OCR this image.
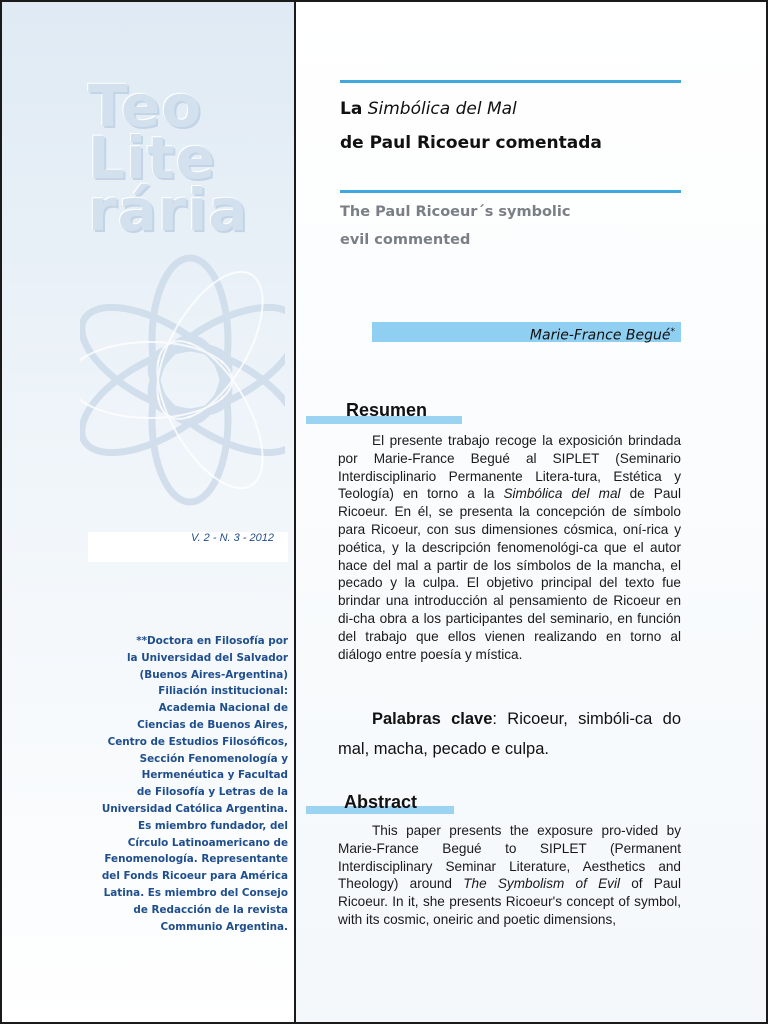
Teo
Lite
rária
V. 2 - N. 3 - 2012
**Doctora en Filosofía por
la Universidad del Salvador
(Buenos Aires-Argentina)
Filiación institucional:
Academia Nacional de
Ciencias de Buenos Aires,
Centro de Estudios Filosóficos,
Sección Fenomenología y
Hermenéutica y Facultad
de Filosofía y Letras de la
Universidad Católica Argentina.
Es miembro fundador, del
Círculo Latinoamericano de
Fenomenología. Representante
del Fonds Ricoeur para América
Latina. Es miembro del Consejo
de Redacción de la revista
Communio Argentina.
La Simbólica del Mal
de Paul Ricoeur comentada
The Paul Ricoeur´s symbolic
evil commented
Marie-France Begué*
Resumen

El presente trabajo recoge la exposición brindada por Marie-France Begué al SIPLET (Seminario Interdisciplinario Permanente Litera-tura, Estética y Teología) en torno a la Simbólica del mal de Paul Ricoeur. En él, se presenta la concepción de símbolo para Ricoeur, con sus dimensiones cósmica, oní-rica y poética, y la descripción fenomenológi-ca que el autor hace del mal a partir de los símbolos de la mancha, el pecado y la culpa. El objetivo principal del texto fue brindar una introducción al pensamiento de Ricoeur en di-cha obra a los participantes del seminario, en función del trabajo que ellos vienen realizando en torno al diálogo entre poesía y mística.

Palabras clave: Ricoeur, simbóli-ca do mal, macha, pecado e culpa.

Abstract

This paper presents the exposure pro-vided by Marie-France Begué to SIPLET (Permanent Interdisciplinary Seminar Literature, Aesthetics and Theology) around The Symbolism of Evil of Paul Ricoeur. In it, she presents Ricoeur's concept of symbol, with its cosmic, oneiric and poetic dimensions,
